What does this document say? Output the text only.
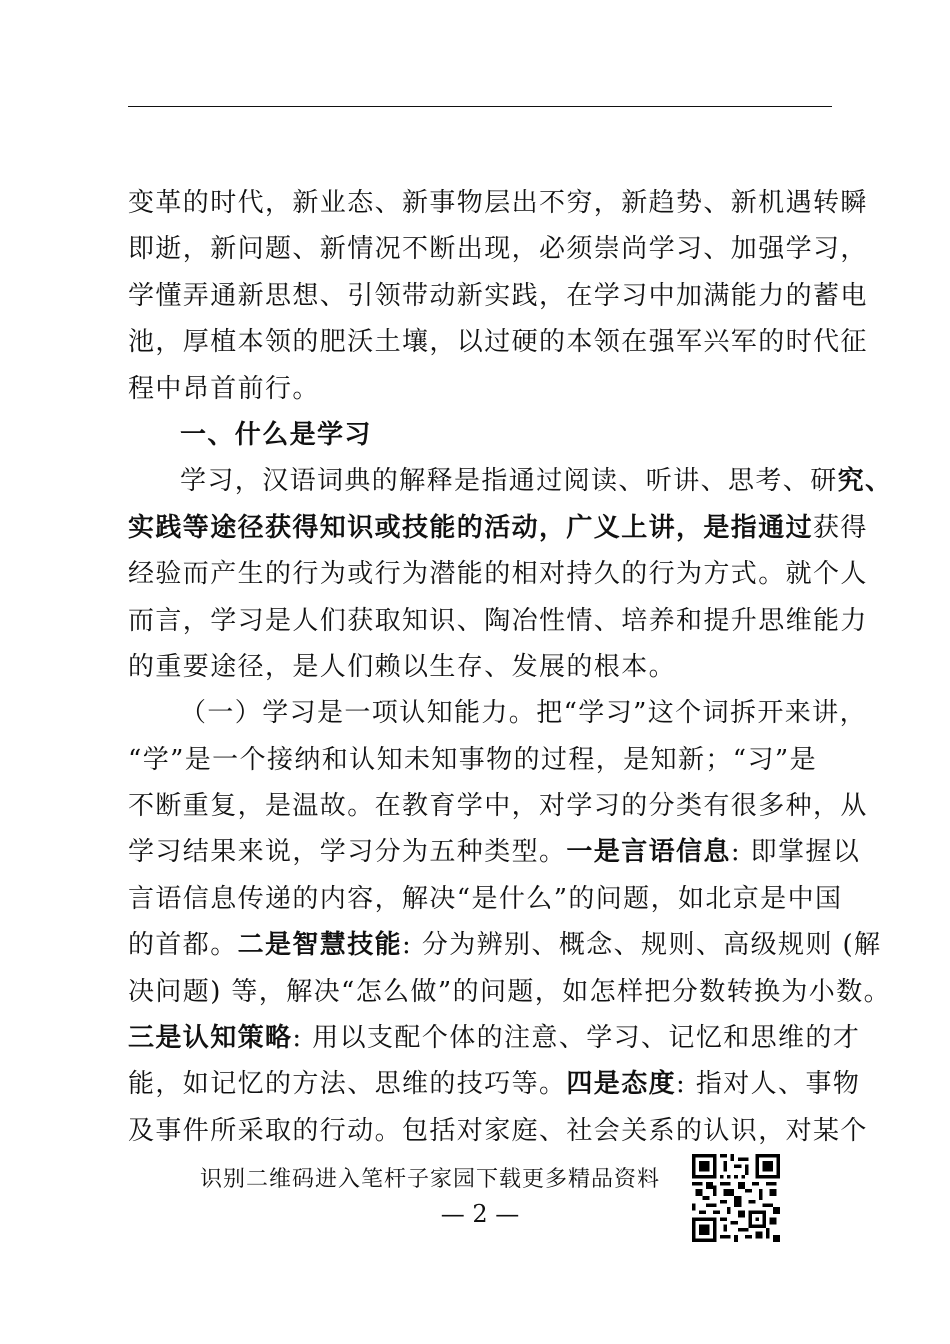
变革的时代，新业态、新事物层出不穷，新趋势、新机遇转瞬
即逝，新问题、新情况不断出现，必须崇尚学习、加强学习，
学懂弄通新思想、引领带动新实践，在学习中加满能力的蓄电
池，厚植本领的肥沃土壤，以过硬的本领在强军兴军的时代征
程中昂首前行。
一、什么是学习
学习，汉语词典的解释是指通过阅读、听讲、思考、研究、
实践等途径获得知识或技能的活动，广义上讲，是指通过获得
经验而产生的行为或行为潜能的相对持久的行为方式。就个人
而言，学习是人们获取知识、陶冶性情、培养和提升思维能力
的重要途径，是人们赖以生存、发展的根本。
（一）学习是一项认知能力。把“学习”这个词拆开来讲，
“学”是一个接纳和认知未知事物的过程，是知新；“习”是
不断重复，是温故。在教育学中，对学习的分类有很多种，从
学习结果来说，学习分为五种类型。一是言语信息: 即掌握以
言语信息传递的内容，解决“是什么”的问题，如北京是中国
的首都。二是智慧技能: 分为辨别、概念、规则、高级规则 (解
决问题) 等，解决“怎么做”的问题，如怎样把分数转换为小数。
三是认知策略: 用以支配个体的注意、学习、记忆和思维的才
能，如记忆的方法、思维的技巧等。四是态度: 指对人、事物
及事件所采取的行动。包括对家庭、社会关系的认识，对某个
识别二维码进入笔杆子家园下载更多精品资料
— 2 —
